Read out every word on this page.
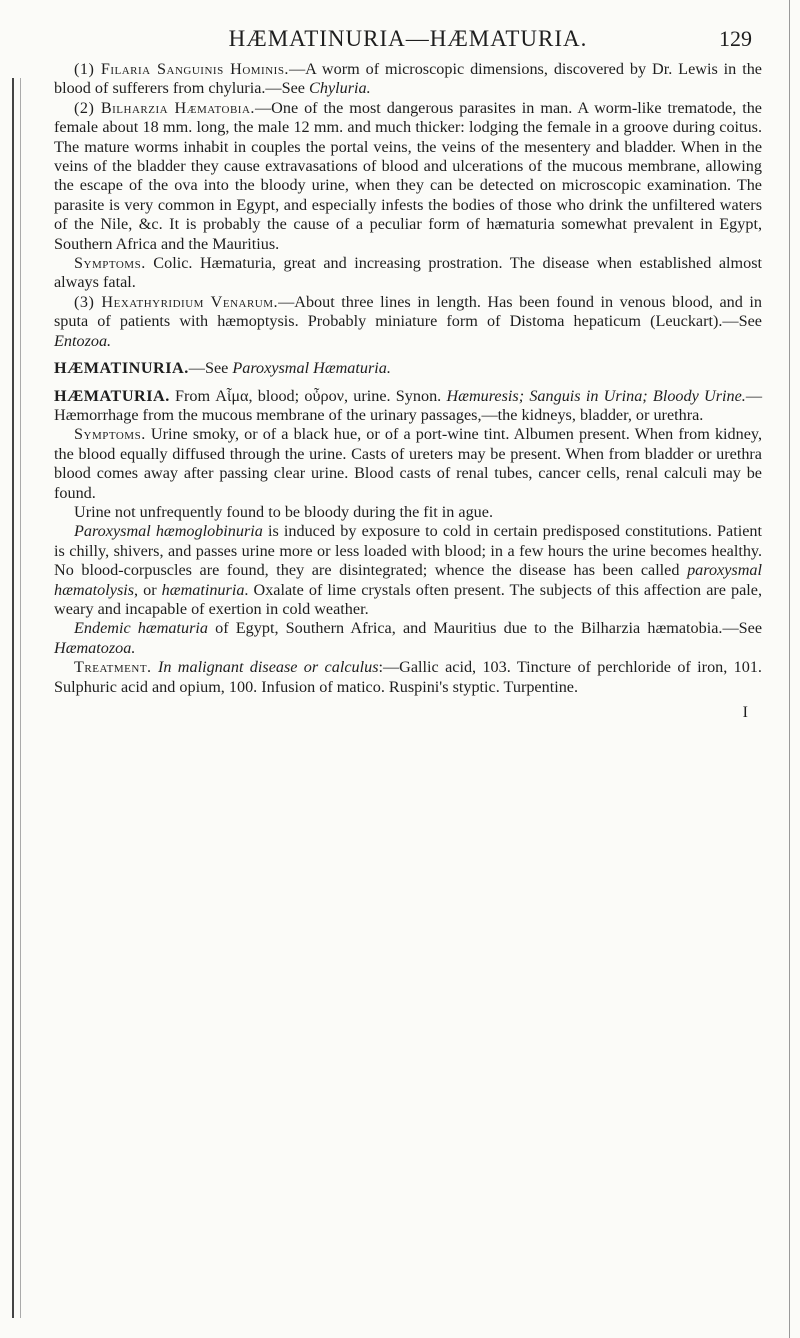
HÆMATINURIA—HÆMATURIA.	129

(1) Filaria Sanguinis Hominis.—A worm of microscopic dimensions, discovered by Dr. Lewis in the blood of sufferers from chyluria.—See Chyluria.

(2) Bilharzia Hæmatobia.—One of the most dangerous parasites in man. A worm-like trematode, the female about 18 mm. long, the male 12 mm. and much thicker: lodging the female in a groove during coitus. The mature worms inhabit in couples the portal veins, the veins of the mesentery and bladder. When in the veins of the bladder they cause extravasations of blood and ulcerations of the mucous membrane, allowing the escape of the ova into the bloody urine, when they can be detected on microscopic examination. The parasite is very common in Egypt, and especially infests the bodies of those who drink the unfiltered waters of the Nile, &c. It is probably the cause of a peculiar form of hæmaturia somewhat prevalent in Egypt, Southern Africa and the Mauritius.

Symptoms. Colic. Hæmaturia, great and increasing prostration. The disease when established almost always fatal.

(3) Hexathyridium Venarum.—About three lines in length. Has been found in venous blood, and in sputa of patients with hæmoptysis. Probably miniature form of Distoma hepaticum (Leuckart).—See Entozoa.

HÆMATINURIA.—See Paroxysmal Hæmaturia.

HÆMATURIA. From Αἷμα, blood; οὖρον, urine. Synon. Hæmuresis; Sanguis in Urina; Bloody Urine.—Hæmorrhage from the mucous membrane of the urinary passages,—the kidneys, bladder, or urethra.

Symptoms. Urine smoky, or of a black hue, or of a port-wine tint. Albumen present. When from kidney, the blood equally diffused through the urine. Casts of ureters may be present. When from bladder or urethra blood comes away after passing clear urine. Blood casts of renal tubes, cancer cells, renal calculi may be found.

Urine not unfrequently found to be bloody during the fit in ague.

Paroxysmal hæmoglobinuria is induced by exposure to cold in certain predisposed constitutions. Patient is chilly, shivers, and passes urine more or less loaded with blood; in a few hours the urine becomes healthy. No blood-corpuscles are found, they are disintegrated; whence the disease has been called paroxysmal hæmatolysis, or hæmatinuria. Oxalate of lime crystals often present. The subjects of this affection are pale, weary and incapable of exertion in cold weather.

Endemic hæmaturia of Egypt, Southern Africa, and Mauritius due to the Bilharzia hæmatobia.—See Hæmatozoa.

Treatment. In malignant disease or calculus:—Gallic acid, 103. Tincture of perchloride of iron, 101. Sulphuric acid and opium, 100. Infusion of matico. Ruspini's styptic. Turpentine.

I
